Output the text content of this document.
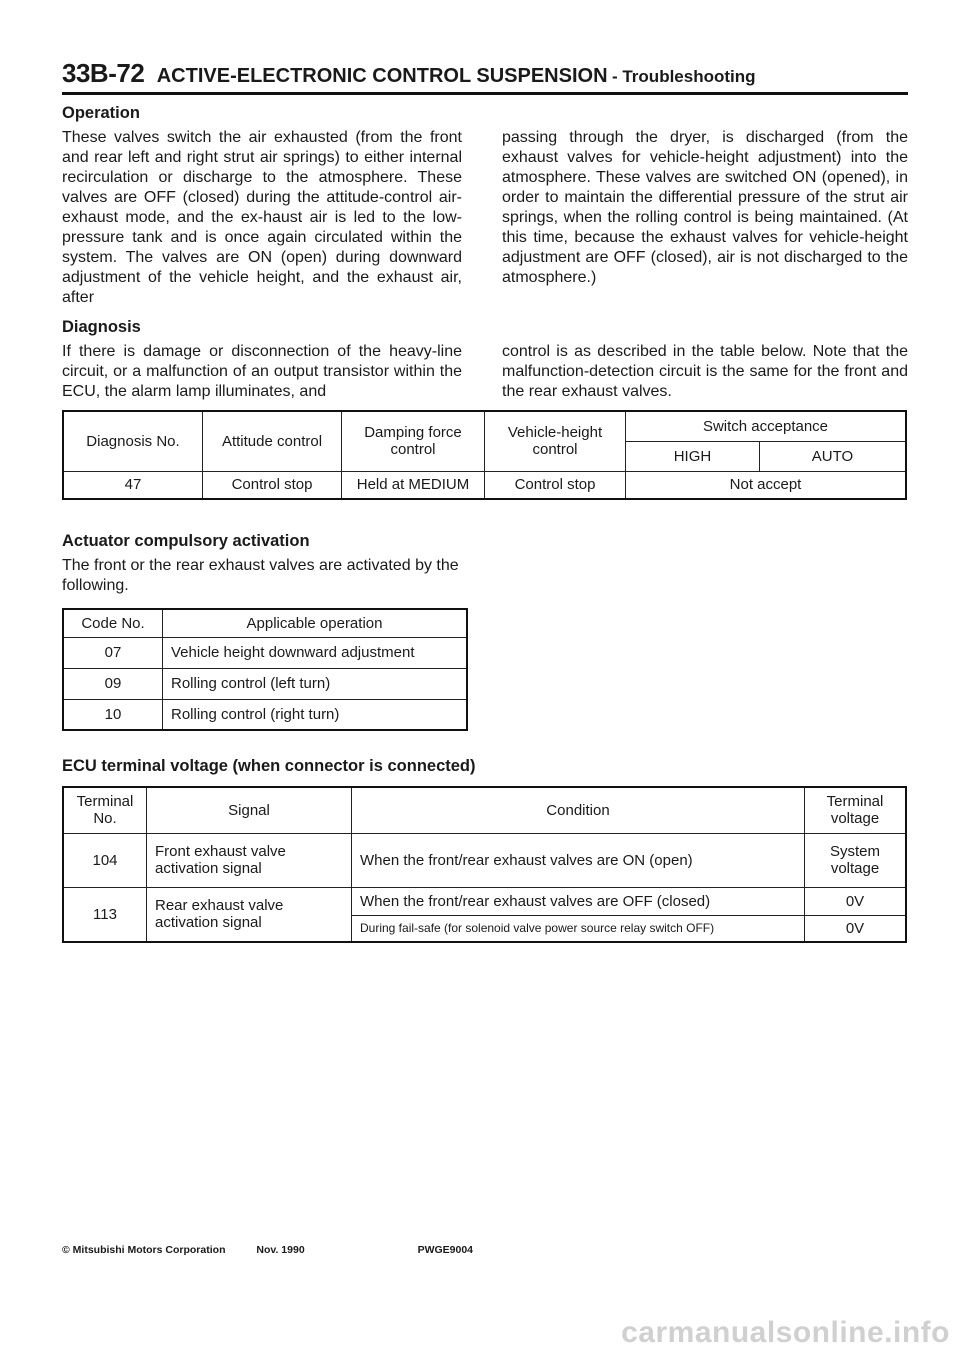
33B-72 ACTIVE-ELECTRONIC CONTROL SUSPENSION - Troubleshooting
Operation
These valves switch the air exhausted (from the front and rear left and right strut air springs) to either internal recirculation or discharge to the atmosphere. These valves are OFF (closed) during the attitude-control air-exhaust mode, and the ex-haust air is led to the low-pressure tank and is once again circulated within the system. The valves are ON (open) during downward adjustment of the vehicle height, and the exhaust air, after
passing through the dryer, is discharged (from the exhaust valves for vehicle-height adjustment) into the atmosphere. These valves are switched ON (opened), in order to maintain the differential pressure of the strut air springs, when the rolling control is being maintained. (At this time, because the exhaust valves for vehicle-height adjustment are OFF (closed), air is not discharged to the atmosphere.)
Diagnosis
If there is damage or disconnection of the heavy-line circuit, or a malfunction of an output transistor within the ECU, the alarm lamp illuminates, and
control is as described in the table below. Note that the malfunction-detection circuit is the same for the front and the rear exhaust valves.
Diagnosis No.	Attitude control	Damping force control	Vehicle-height control	Switch acceptance	
				HIGH	AUTO
47	Control stop	Held at MEDIUM	Control stop	Not accept	
Actuator compulsory activation
The front or the rear exhaust valves are activated by the following.
Code No.	Applicable operation
07	Vehicle height downward adjustment
09	Rolling control (left turn)
10	Rolling control (right turn)
ECU terminal voltage (when connector is connected)
Terminal No.	Signal	Condition	Terminal voltage
104	Front exhaust valve activation signal	When the front/rear exhaust valves are ON (open)	System voltage
113	Rear exhaust valve activation signal	When the front/rear exhaust valves are OFF (closed)	0V
		During fail-safe (for solenoid valve power source relay switch OFF)	0V
© Mitsubishi Motors Corporation	Nov. 1990	PWGE9004
carmanualsonline.info
